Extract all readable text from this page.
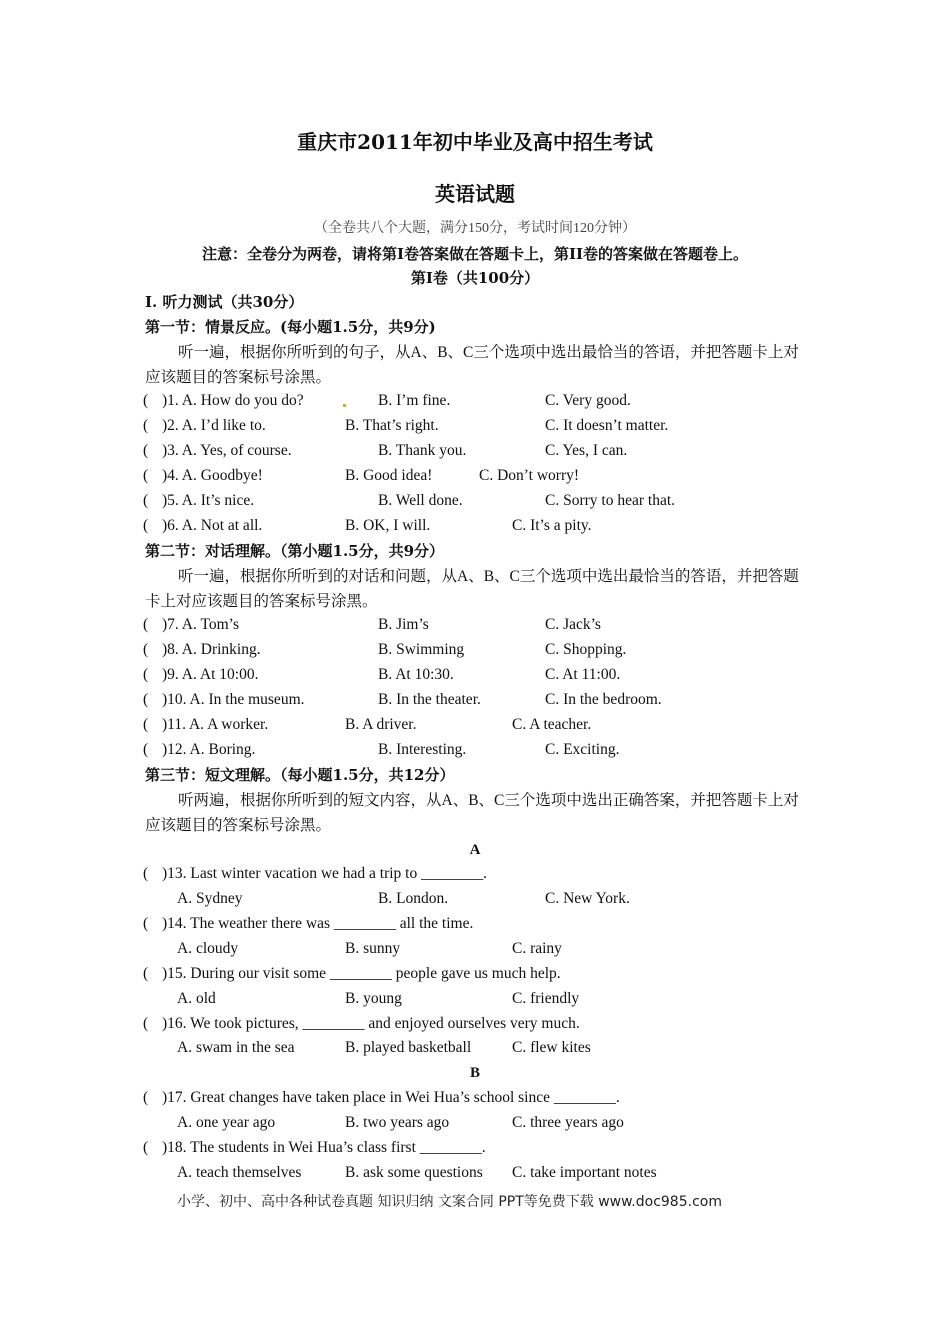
重庆市2011年初中毕业及高中招生考试
英语试题
（全卷共八个大题，满分150分，考试时间120分钟）
注意：全卷分为两卷，请将第I卷答案做在答题卡上，第II卷的答案做在答题卷上。
第I卷（共100分）
I. 听力测试（共30分）
第一节：情景反应。(每小题1.5分，共9分)
听一遍，根据你所听到的句子，从A、B、C三个选项中选出最恰当的答语，并把答题卡上对应该题目的答案标号涂黑。
( )1. A. How do you do?	B. I’m fine.	C. Very good.
( )2. A. I’d like to.	B. That’s right.	C. It doesn’t matter.
( )3. A. Yes, of course.	B. Thank you.	C. Yes, I can.
( )4. A. Goodbye!	B. Good idea!	C. Don’t worry!
( )5. A. It’s nice.	B. Well done.	C. Sorry to hear that.
( )6. A. Not at all.	B. OK, I will.	C. It’s a pity.
第二节：对话理解。（第小题1.5分，共9分）
听一遍，根据你所听到的对话和问题，从A、B、C三个选项中选出最恰当的答语，并把答题卡上对应该题目的答案标号涂黑。
( )7. A. Tom’s	B. Jim’s	C. Jack’s
( )8. A. Drinking.	B. Swimming	C. Shopping.
( )9. A. At 10:00.	B. At 10:30.	C. At 11:00.
( )10. A. In the museum.	B. In the theater.	C. In the bedroom.
( )11. A. A worker.	B. A driver.	C. A teacher.
( )12. A. Boring.	B. Interesting.	C. Exciting.
第三节：短文理解。（每小题1.5分，共12分）
听两遍，根据你所听到的短文内容，从A、B、C三个选项中选出正确答案，并把答题卡上对应该题目的答案标号涂黑。
A
( )13. Last winter vacation we had a trip to ________.
A. Sydney	B. London.	C. New York.
( )14. The weather there was ________ all the time.
A. cloudy	B. sunny	C. rainy
( )15. During our visit some ________ people gave us much help.
A. old	B. young	C. friendly
( )16. We took pictures, ________ and enjoyed ourselves very much.
A. swam in the sea	B. played basketball	C. flew kites
B
( )17. Great changes have taken place in Wei Hua’s school since ________.
A. one year ago	B. two years ago	C. three years ago
( )18. The students in Wei Hua’s class first ________.
A. teach themselves	B. ask some questions C. take important notes
小学、初中、高中各种试卷真题 知识归纳 文案合同 PPT等免费下载 www.doc985.com
